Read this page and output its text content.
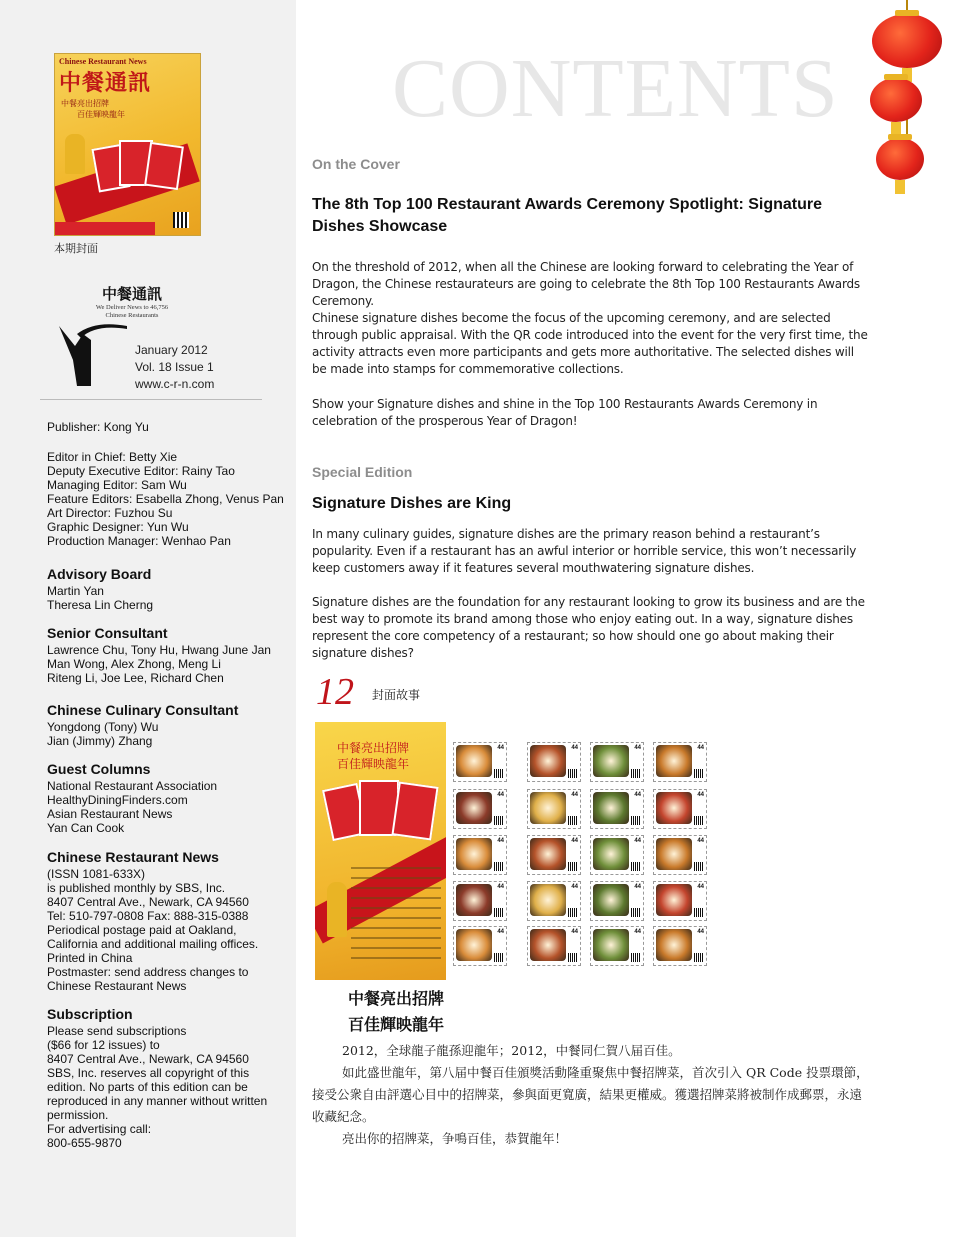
Chinese Restaurant News
中餐通訊
中餐亮出招牌
百佳輝映龍年
本期封面
中餐通訊
We Deliver News to 46,756
Chinese Restaurants
January 2012
Vol. 18 Issue 1
www.c-r-n.com
Publisher: Kong Yu
Editor in Chief: Betty Xie
Deputy Executive Editor: Rainy Tao
Managing Editor: Sam Wu
Feature Editors: Esabella Zhong, Venus Pan
Art Director: Fuzhou Su
Graphic Designer: Yun Wu
Production Manager: Wenhao Pan
Advisory Board
Martin Yan
Theresa Lin Cherng
Senior Consultant
Lawrence Chu, Tony Hu, Hwang June Jan
Man Wong, Alex Zhong, Meng Li
Riteng Li, Joe Lee, Richard Chen
Chinese Culinary Consultant
Yongdong (Tony) Wu
Jian (Jimmy) Zhang
Guest Columns
National Restaurant Association
HealthyDiningFinders.com
Asian Restaurant News
Yan Can Cook
Chinese Restaurant News
(ISSN 1081-633X)
is published monthly by SBS, Inc.
8407 Central Ave., Newark, CA 94560
Tel: 510-797-0808 Fax: 888-315-0388
Periodical postage paid at Oakland,
California and additional mailing offices.
Printed in China
Postmaster: send address changes to
Chinese Restaurant News
Subscription
Please send subscriptions
($66 for 12 issues) to
8407 Central Ave., Newark, CA 94560
SBS, Inc. reserves all copyright of this
edition. No parts of this edition can be
reproduced in any manner without written
permission.
For advertising call:
800-655-9870
CONTENTS
On the Cover
The 8th Top 100 Restaurant Awards Ceremony Spotlight: Signature
Dishes Showcase
On the threshold of 2012, when all the Chinese are looking forward to celebrating the Year of Dragon, the Chinese restaurateurs are going to celebrate the 8th Top 100 Restaurants Awards Ceremony.
Chinese signature dishes become the focus of the upcoming ceremony, and are selected through public appraisal. With the QR code introduced into the event for the very first time, the activity attracts even more participants and gets more authoritative. The selected dishes will be made into stamps for commemorative collections.
Show your Signature dishes and shine in the Top 100 Restaurants Awards Ceremony in celebration of the prosperous Year of Dragon!
Special Edition
Signature Dishes are King
In many culinary guides, signature dishes are the primary reason behind a restaurant’s popularity. Even if a restaurant has an awful interior or horrible service, this won’t necessarily keep customers away if it features several mouthwatering signature dishes.
Signature dishes are the foundation for any restaurant looking to grow its business and are the best way to promote its brand among those who enjoy eating out. In a way, signature dishes represent the core competency of a restaurant; so how should one go about making their signature dishes?
12 封面故事
中餐亮出招牌
百佳輝映龍年
44	44	44	44
44	44	44	44
44	44	44	44
44	44	44	44
44	44	44	44
中餐亮出招牌
百佳輝映龍年
2012，全球龍子龍孫迎龍年；2012，中餐同仁賀八届百佳。
如此盛世龍年，第八届中餐百佳頒獎活動隆重聚焦中餐招牌菜，首次引入 QR Code 投票環節，接受公衆自由評選心目中的招牌菜，參與面更寬廣，結果更權威。獲選招牌菜將被制作成郵票，永遠收藏紀念。
亮出你的招牌菜，争鳴百佳，恭賀龍年！
